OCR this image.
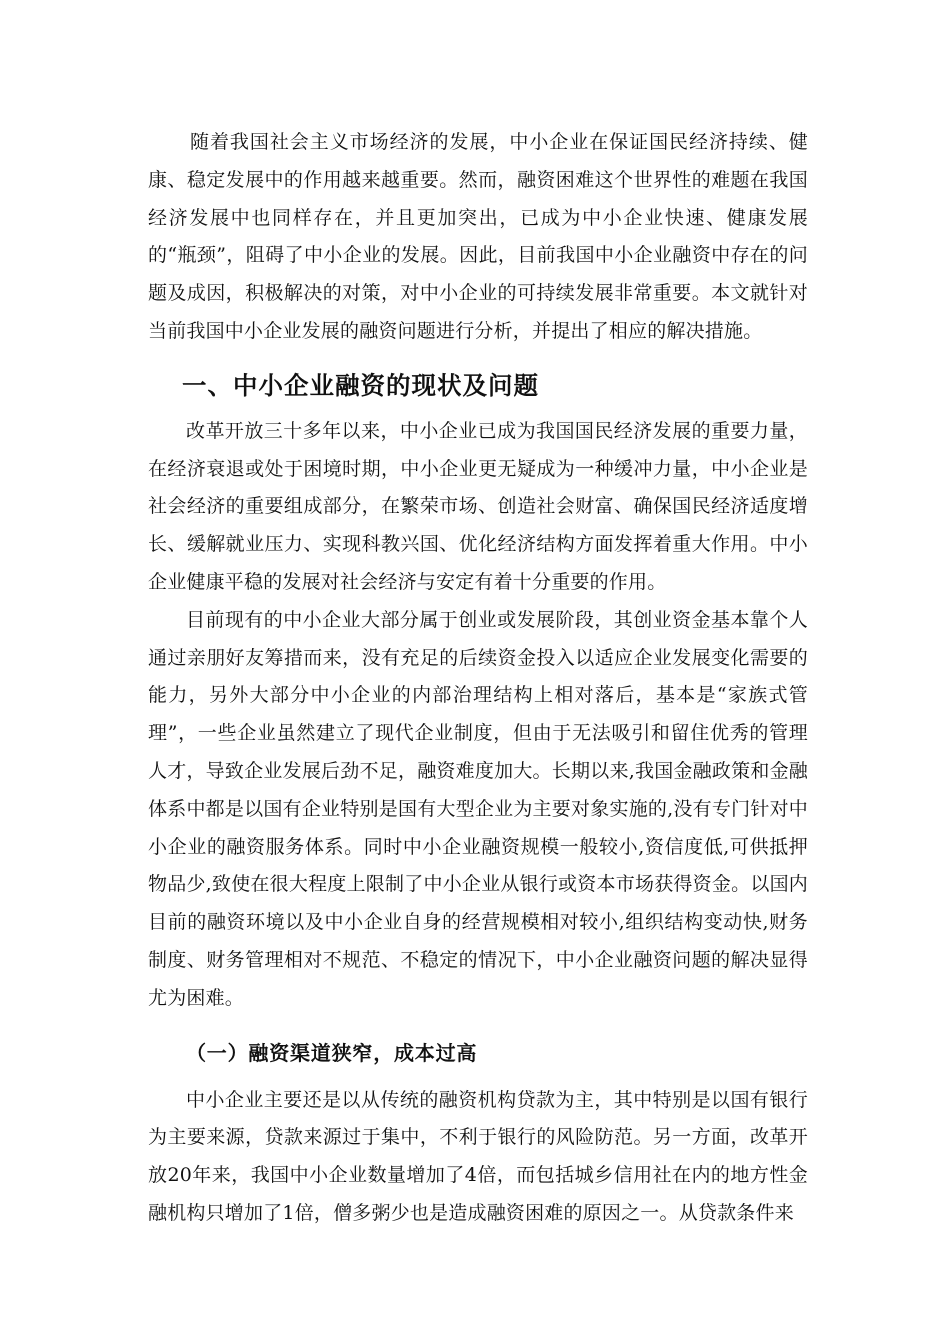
随着我国社会主义市场经济的发展，中小企业在保证国民经济持续、健康、稳定发展中的作用越来越重要。然而，融资困难这个世界性的难题在我国经济发展中也同样存在，并且更加突出，已成为中小企业快速、健康发展的“瓶颈”，阻碍了中小企业的发展。因此，目前我国中小企业融资中存在的问题及成因，积极解决的对策，对中小企业的可持续发展非常重要。本文就针对当前我国中小企业发展的融资问题进行分析，并提出了相应的解决措施。

一、中小企业融资的现状及问题

改革开放三十多年以来，中小企业已成为我国国民经济发展的重要力量，在经济衰退或处于困境时期，中小企业更无疑成为一种缓冲力量，中小企业是社会经济的重要组成部分，在繁荣市场、创造社会财富、确保国民经济适度增长、缓解就业压力、实现科教兴国、优化经济结构方面发挥着重大作用。中小企业健康平稳的发展对社会经济与安定有着十分重要的作用。

目前现有的中小企业大部分属于创业或发展阶段，其创业资金基本靠个人通过亲朋好友筹措而来，没有充足的后续资金投入以适应企业发展变化需要的能力，另外大部分中小企业的内部治理结构上相对落后，基本是“家族式管理”，一些企业虽然建立了现代企业制度，但由于无法吸引和留住优秀的管理人才，导致企业发展后劲不足，融资难度加大。长期以来,我国金融政策和金融体系中都是以国有企业特别是国有大型企业为主要对象实施的,没有专门针对中小企业的融资服务体系。同时中小企业融资规模一般较小,资信度低,可供抵押物品少,致使在很大程度上限制了中小企业从银行或资本市场获得资金。以国内目前的融资环境以及中小企业自身的经营规模相对较小,组织结构变动快,财务制度、财务管理相对不规范、不稳定的情况下，中小企业融资问题的解决显得尤为困难。

（一）融资渠道狭窄，成本过高

中小企业主要还是以从传统的融资机构贷款为主，其中特别是以国有银行为主要来源，贷款来源过于集中，不利于银行的风险防范。另一方面，改革开放20年来，我国中小企业数量增加了4倍，而包括城乡信用社在内的地方性金融机构只增加了1倍，僧多粥少也是造成融资困难的原因之一。从贷款条件来
